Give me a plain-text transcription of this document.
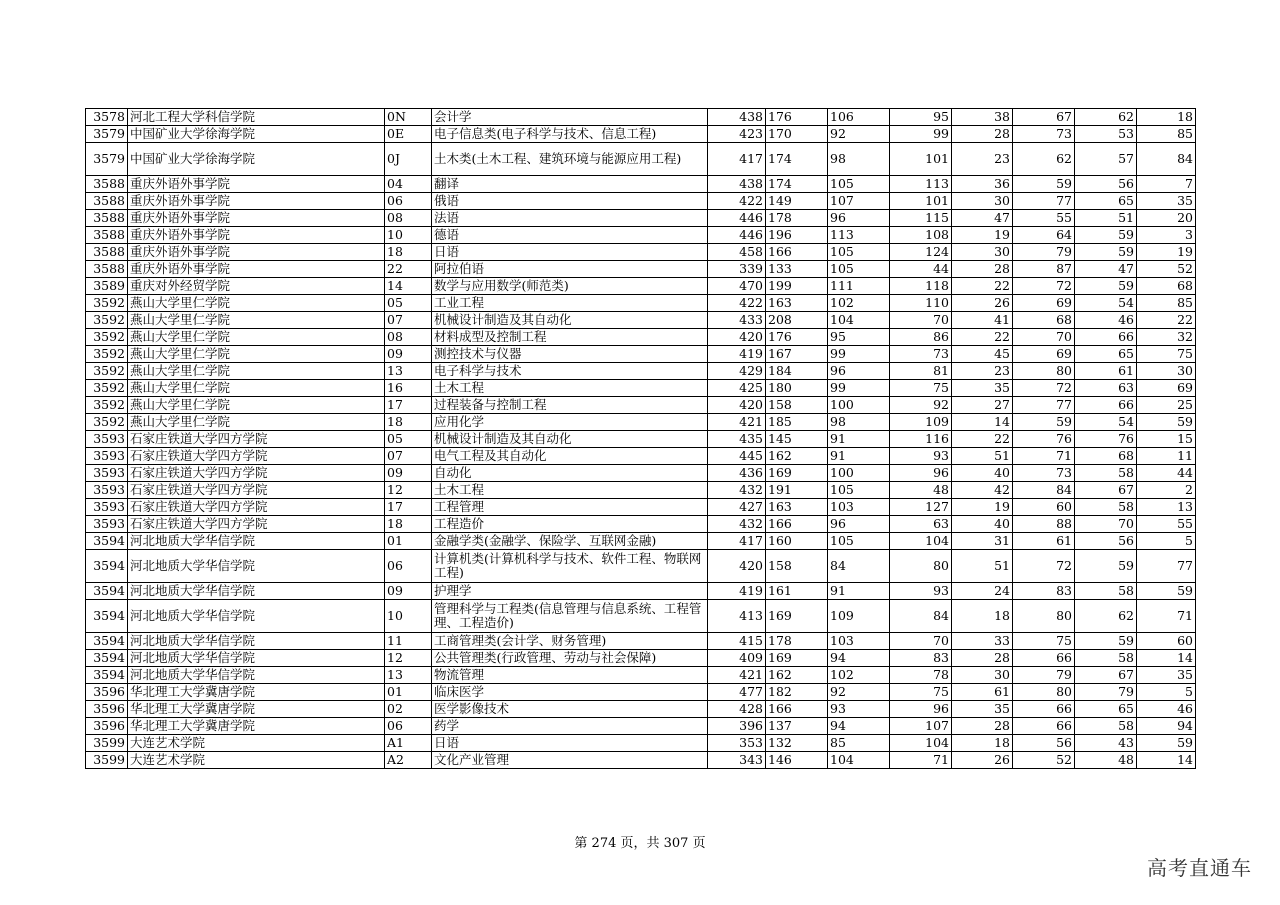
3578	河北工程大学科信学院	0N	会计学	438	176	106	95	38	67	62	18
3579	中国矿业大学徐海学院	0E	电子信息类(电子科学与技术、信息工程)	423	170	92	99	28	73	53	85
3579	中国矿业大学徐海学院	0J	土木类(土木工程、建筑环境与能源应用工程)	417	174	98	101	23	62	57	84
3588	重庆外语外事学院	04	翻译	438	174	105	113	36	59	56	7
3588	重庆外语外事学院	06	俄语	422	149	107	101	30	77	65	35
3588	重庆外语外事学院	08	法语	446	178	96	115	47	55	51	20
3588	重庆外语外事学院	10	德语	446	196	113	108	19	64	59	3
3588	重庆外语外事学院	18	日语	458	166	105	124	30	79	59	19
3588	重庆外语外事学院	22	阿拉伯语	339	133	105	44	28	87	47	52
3589	重庆对外经贸学院	14	数学与应用数学(师范类)	470	199	111	118	22	72	59	68
3592	燕山大学里仁学院	05	工业工程	422	163	102	110	26	69	54	85
3592	燕山大学里仁学院	07	机械设计制造及其自动化	433	208	104	70	41	68	46	22
3592	燕山大学里仁学院	08	材料成型及控制工程	420	176	95	86	22	70	66	32
3592	燕山大学里仁学院	09	测控技术与仪器	419	167	99	73	45	69	65	75
3592	燕山大学里仁学院	13	电子科学与技术	429	184	96	81	23	80	61	30
3592	燕山大学里仁学院	16	土木工程	425	180	99	75	35	72	63	69
3592	燕山大学里仁学院	17	过程装备与控制工程	420	158	100	92	27	77	66	25
3592	燕山大学里仁学院	18	应用化学	421	185	98	109	14	59	54	59
3593	石家庄铁道大学四方学院	05	机械设计制造及其自动化	435	145	91	116	22	76	76	15
3593	石家庄铁道大学四方学院	07	电气工程及其自动化	445	162	91	93	51	71	68	11
3593	石家庄铁道大学四方学院	09	自动化	436	169	100	96	40	73	58	44
3593	石家庄铁道大学四方学院	12	土木工程	432	191	105	48	42	84	67	2
3593	石家庄铁道大学四方学院	17	工程管理	427	163	103	127	19	60	58	13
3593	石家庄铁道大学四方学院	18	工程造价	432	166	96	63	40	88	70	55
3594	河北地质大学华信学院	01	金融学类(金融学、保险学、互联网金融)	417	160	105	104	31	61	56	5
3594	河北地质大学华信学院	06	计算机类(计算机科学与技术、软件工程、物联网工程)	420	158	84	80	51	72	59	77
3594	河北地质大学华信学院	09	护理学	419	161	91	93	24	83	58	59
3594	河北地质大学华信学院	10	管理科学与工程类(信息管理与信息系统、工程管理、工程造价)	413	169	109	84	18	80	62	71
3594	河北地质大学华信学院	11	工商管理类(会计学、财务管理)	415	178	103	70	33	75	59	60
3594	河北地质大学华信学院	12	公共管理类(行政管理、劳动与社会保障)	409	169	94	83	28	66	58	14
3594	河北地质大学华信学院	13	物流管理	421	162	102	78	30	79	67	35
3596	华北理工大学冀唐学院	01	临床医学	477	182	92	75	61	80	79	5
3596	华北理工大学冀唐学院	02	医学影像技术	428	166	93	96	35	66	65	46
3596	华北理工大学冀唐学院	06	药学	396	137	94	107	28	66	58	94
3599	大连艺术学院	A1	日语	353	132	85	104	18	56	43	59
3599	大连艺术学院	A2	文化产业管理	343	146	104	71	26	52	48	14
第 274 页，共 307 页
高考直通车
